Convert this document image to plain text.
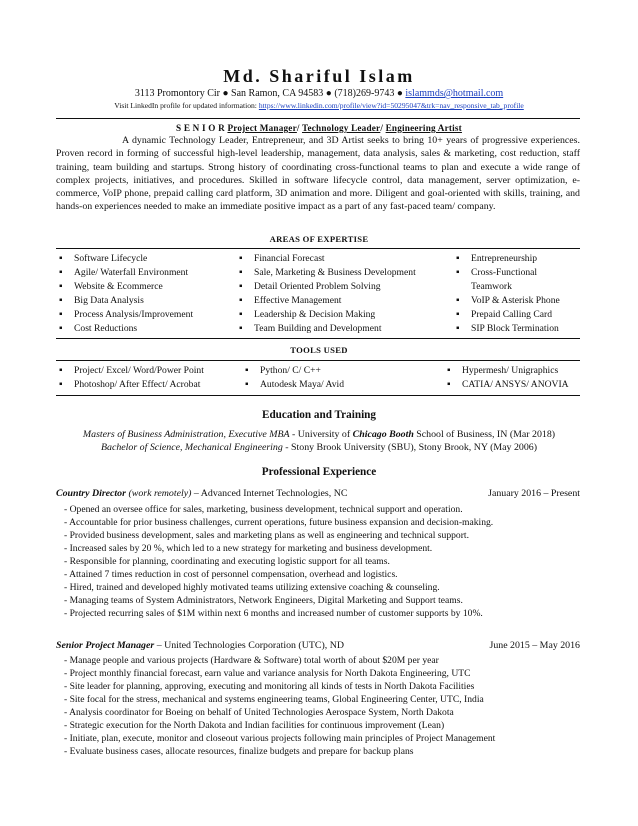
Md. Shariful Islam
3113 Promontory Cir ● San Ramon, CA 94583 ● (718)269-9743 ● islammds@hotmail.com
Visit LinkedIn profile for updated information: https://www.linkedin.com/profile/view?id=50295047&trk=nav_responsive_tab_profile
S E N I O R Project Manager/ Technology Leader/ Engineering Artist
A dynamic Technology Leader, Entrepreneur, and 3D Artist seeks to bring 10+ years of progressive experiences. Proven record in forming of successful high-level leadership, management, data analysis, sales & marketing, cost reduction, staff training, team building and startups. Strong history of coordinating cross-functional teams to plan and execute a wide range of complex projects, initiatives, and procedures. Skilled in software lifecycle control, data management, server optimization, e-commerce, VoIP phone, prepaid calling card platform, 3D animation and more. Diligent and goal-oriented with skills, training, and hands-on experiences needed to make an immediate positive impact as a part of any fast-paced team/ company.
AREAS OF EXPERTISE
▪ Software Lifecycle
▪ Agile/ Waterfall Environment
▪ Website & Ecommerce
▪ Big Data Analysis
▪ Process Analysis/Improvement
▪ Cost Reductions
▪ Financial Forecast
▪ Sale, Marketing & Business Development
▪ Detail Oriented Problem Solving
▪ Effective Management
▪ Leadership & Decision Making
▪ Team Building and Development
▪ Entrepreneurship
▪ Cross-Functional Teamwork
▪ VoIP & Asterisk Phone
▪ Prepaid Calling Card
▪ SIP Block Termination
TOOLS USED
▪ Project/ Excel/ Word/Power Point
▪ Photoshop/ After Effect/ Acrobat
▪ Python/ C/ C++
▪ Autodesk Maya/ Avid
▪ Hypermesh/ Unigraphics
▪ CATIA/ ANSYS/ ANOVIA
Education and Training
Masters of Business Administration, Executive MBA - University of Chicago Booth School of Business, IN (Mar 2018)
Bachelor of Science, Mechanical Engineering - Stony Brook University (SBU), Stony Brook, NY (May 2006)
Professional Experience
Country Director (work remotely) – Advanced Internet Technologies, NC	January 2016 – Present
- Opened an oversee office for sales, marketing, business development, technical support and operation.
- Accountable for prior business challenges, current operations, future business expansion and decision-making.
- Provided business development, sales and marketing plans as well as engineering and technical support.
- Increased sales by 20 %, which led to a new strategy for marketing and business development.
- Responsible for planning, coordinating and executing logistic support for all teams.
- Attained 7 times reduction in cost of personnel compensation, overhead and logistics.
- Hired, trained and developed highly motivated teams utilizing extensive coaching & counseling.
- Managing teams of System Administrators, Network Engineers, Digital Marketing and Support teams.
- Projected recurring sales of $1M within next 6 months and increased number of customer supports by 10%.
Senior Project Manager – United Technologies Corporation (UTC), ND	June 2015 – May 2016
- Manage people and various projects (Hardware & Software) total worth of about $20M per year
- Project monthly financial forecast, earn value and variance analysis for North Dakota Engineering, UTC
- Site leader for planning, approving, executing and monitoring all kinds of tests in North Dakota Facilities
- Site focal for the stress, mechanical and systems engineering teams, Global Engineering Center, UTC, India
- Analysis coordinator for Boeing on behalf of United Technologies Aerospace System, North Dakota
- Strategic execution for the North Dakota and Indian facilities for continuous improvement (Lean)
- Initiate, plan, execute, monitor and closeout various projects following main principles of Project Management
- Evaluate business cases, allocate resources, finalize budgets and prepare for backup plans
